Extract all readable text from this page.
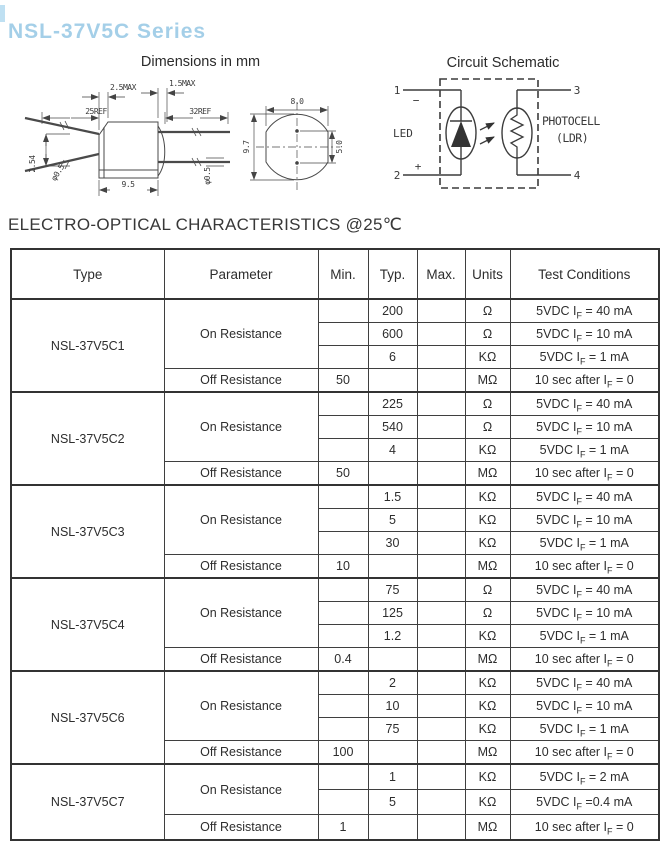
NSL-37V5C Series
Dimensions in mm	Circuit Schematic
2.5MAX	1.5MAX
25REF	32REF
2.54 φ0.5
9.5	φ0.5
8.0
9.7	5.0
1
−
2
+
3
4
LED
PHOTOCELL
(LDR)
ELECTRO-OPTICAL CHARACTERISTICS @25℃
Type	Parameter	Min.	Typ.	Max.	Units	Test Conditions
NSL-37V5C1	On Resistance		200		Ω	5VDC $I_F = 40$ mA
			600		Ω	5VDC $I_F = 10$ mA
			6		KΩ	5VDC $I_F = 1$ mA
	Off Resistance	50			MΩ	10 sec after $I_F = 0$
NSL-37V5C2	On Resistance		225		Ω	5VDC $I_F = 40$ mA
			540		Ω	5VDC $I_F = 10$ mA
			4		KΩ	5VDC $I_F = 1$ mA
	Off Resistance	50			MΩ	10 sec after $I_F = 0$
NSL-37V5C3	On Resistance		1.5		KΩ	5VDC $I_F = 40$ mA
			5		KΩ	5VDC $I_F = 10$ mA
			30		KΩ	5VDC $I_F = 1$ mA
	Off Resistance	10			MΩ	10 sec after $I_F = 0$
NSL-37V5C4	On Resistance		75		Ω	5VDC $I_F = 40$ mA
			125		Ω	5VDC $I_F = 10$ mA
			1.2		KΩ	5VDC $I_F = 1$ mA
	Off Resistance	0.4			MΩ	10 sec after $I_F = 0$
NSL-37V5C6	On Resistance		2		KΩ	5VDC $I_F = 40$ mA
			10		KΩ	5VDC $I_F = 10$ mA
			75		KΩ	5VDC $I_F = 1$ mA
	Off Resistance	100			MΩ	10 sec after $I_F = 0$
NSL-37V5C7	On Resistance		1		KΩ	5VDC $I_F = 2$ mA
			5		KΩ	5VDC $I_F =0.4$ mA
	Off Resistance	1			MΩ	10 sec after $I_F = 0$
